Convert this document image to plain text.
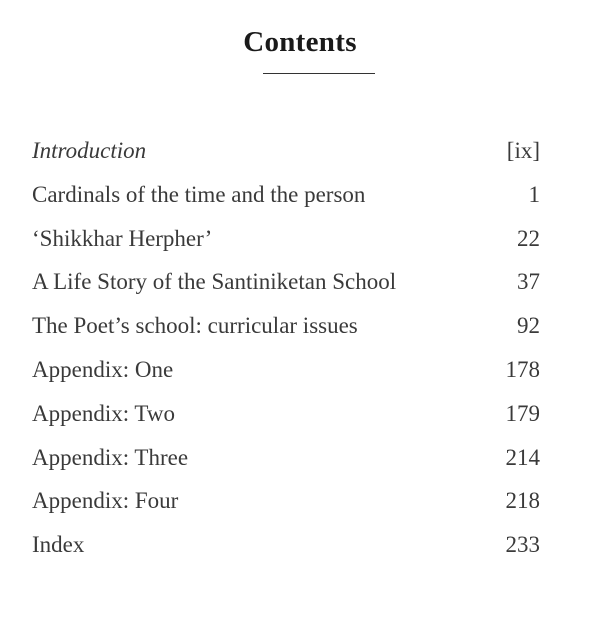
Contents
Introduction	[ix]
Cardinals of the time and the person	1
‘Shikkhar Herpher’	22
A Life Story of the Santiniketan School	37
The Poet’s school: curricular issues	92
Appendix: One	178
Appendix: Two	179
Appendix: Three	214
Appendix: Four	218
Index	233
